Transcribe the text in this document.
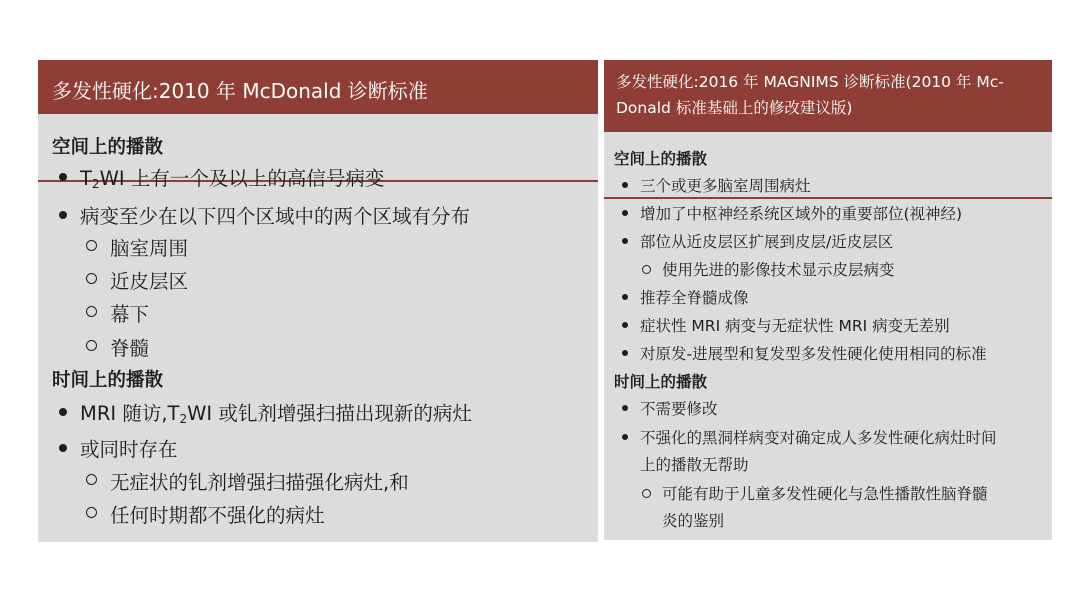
多发性硬化:2010 年 McDonald 诊断标准
空间上的播散
$T_2WI$ 上有一个及以上的高信号病变
病变至少在以下四个区域中的两个区域有分布
脑室周围
近皮层区
幕下
脊髓
时间上的播散
MRI 随访$,T_2WI$ 或钆剂增强扫描出现新的病灶
或同时存在
无症状的钆剂增强扫描强化病灶,和
任何时期都不强化的病灶
多发性硬化:2016 年 MAGNIMS 诊断标准(2010 年 Mc-
Donald 标准基础上的修改建议版)
空间上的播散
三个或更多脑室周围病灶
增加了中枢神经系统区域外的重要部位(视神经)
部位从近皮层区扩展到皮层/近皮层区
使用先进的影像技术显示皮层病变
推荐全脊髓成像
症状性 MRI 病变与无症状性 MRI 病变无差别
对原发-进展型和复发型多发性硬化使用相同的标准
时间上的播散
不需要修改
不强化的黑洞样病变对确定成人多发性硬化病灶时间
上的播散无帮助
可能有助于儿童多发性硬化与急性播散性脑脊髓
炎的鉴别
